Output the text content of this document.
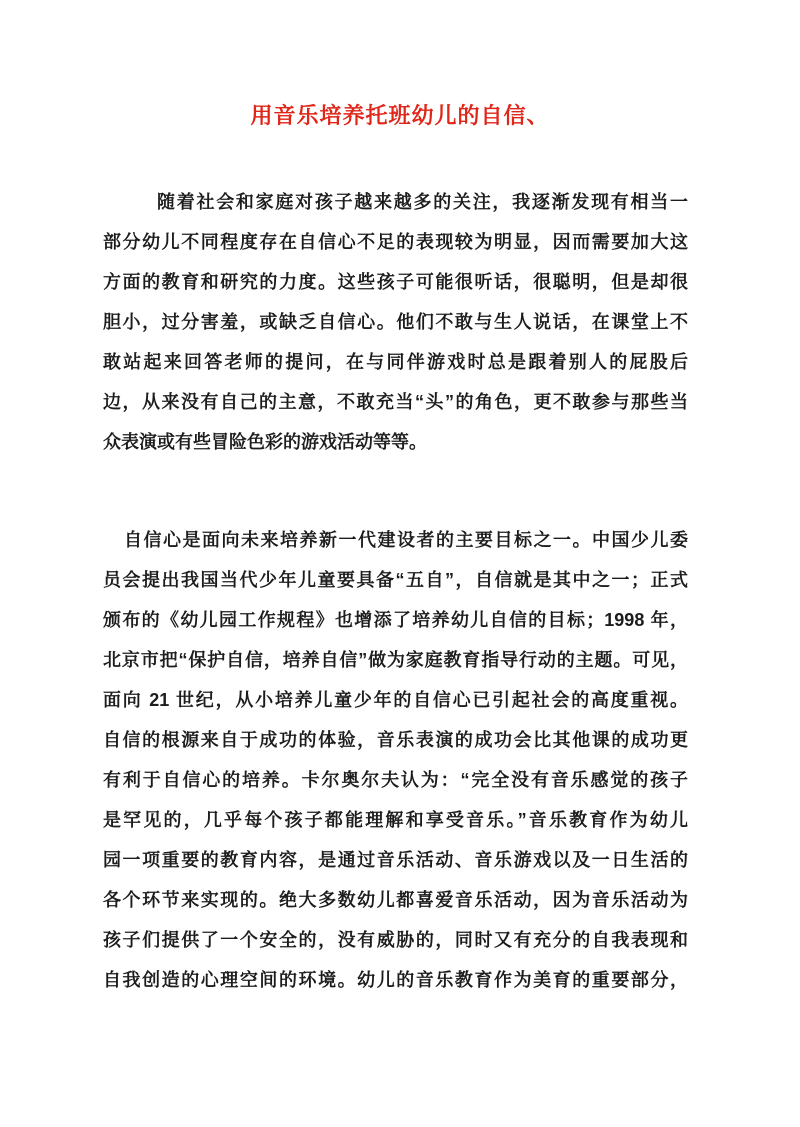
用音乐培养托班幼儿的自信、
随着社会和家庭对孩子越来越多的关注，我逐渐发现有相当一
部分幼儿不同程度存在自信心不足的表现较为明显，因而需要加大这
方面的教育和研究的力度。这些孩子可能很听话，很聪明，但是却很
胆小，过分害羞，或缺乏自信心。他们不敢与生人说话，在课堂上不
敢站起来回答老师的提问，在与同伴游戏时总是跟着别人的屁股后
边，从来没有自己的主意，不敢充当“头”的角色，更不敢参与那些当
众表演或有些冒险色彩的游戏活动等等。
自信心是面向未来培养新一代建设者的主要目标之一。中国少儿委
员会提出我国当代少年儿童要具备“五自”，自信就是其中之一；正式
颁布的《幼儿园工作规程》也增添了培养幼儿自信的目标；1998 年，
北京市把“保护自信，培养自信”做为家庭教育指导行动的主题。可见，
面向 21 世纪，从小培养儿童少年的自信心已引起社会的高度重视。
自信的根源来自于成功的体验，音乐表演的成功会比其他课的成功更
有利于自信心的培养。卡尔奥尔夫认为：“完全没有音乐感觉的孩子
是罕见的，几乎每个孩子都能理解和享受音乐。”音乐教育作为幼儿
园一项重要的教育内容，是通过音乐活动、音乐游戏以及一日生活的
各个环节来实现的。绝大多数幼儿都喜爱音乐活动，因为音乐活动为
孩子们提供了一个安全的，没有威胁的，同时又有充分的自我表现和
自我创造的心理空间的环境。幼儿的音乐教育作为美育的重要部分，
